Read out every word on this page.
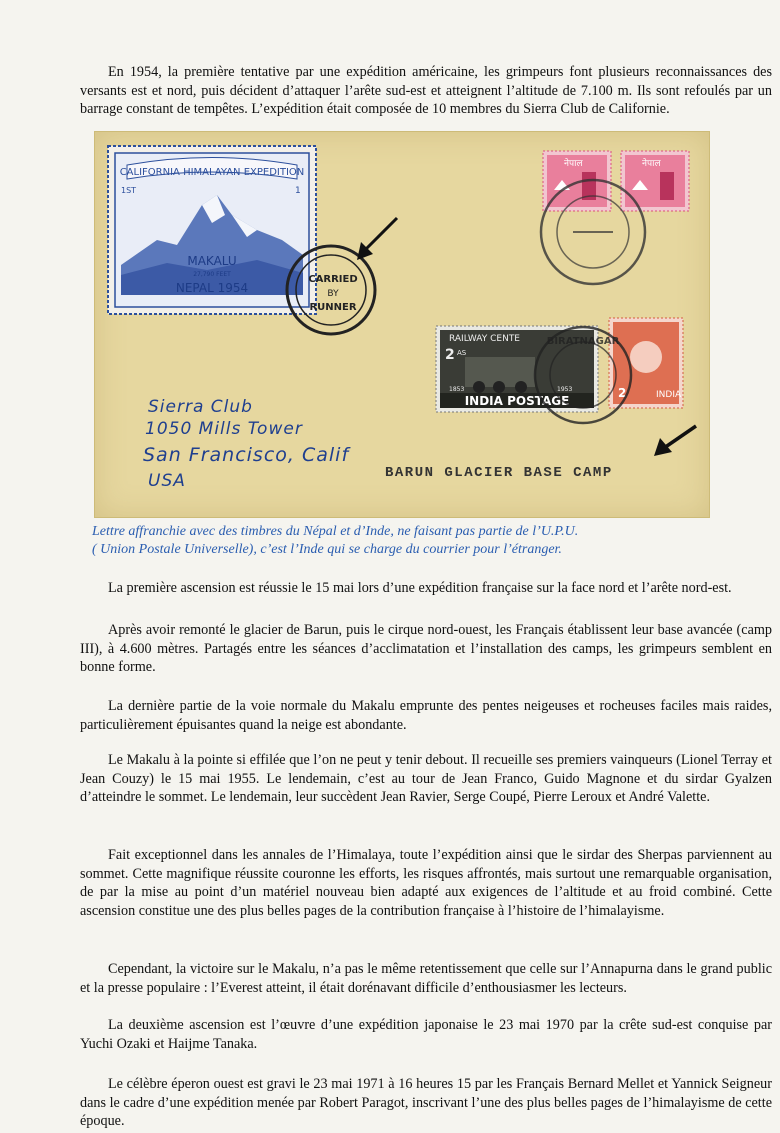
En 1954, la première tentative par une expédition américaine, les grimpeurs font plusieurs reconnaissances des versants est et nord, puis décident d’attaquer l’arête sud-est et atteignent l’altitude de 7.100 m. Ils sont refoulés par un barrage constant de tempêtes. L’expédition était composée de 10 membres du Sierra Club de Californie.

CALIFORNIA HIMALAYAN EXPEDITION
1ST	1
MAKALU
27,790 FEET
NEPAL 1954
CARRIED
BY
RUNNER
नेपाल	नेपाल
RAILWAY CENTE
2 AS
1853	1953
INDIA POSTAGE
2	INDIA
BIRATNAGAR
Sierra Club
1050 Mills Tower
San Francisco, Calif
USA	BARUN GLACIER BASE CAMP
Lettre affranchie avec des timbres du Népal et d’Inde, ne faisant pas partie de l’U.P.U.
( Union Postale Universelle), c’est l’Inde qui se charge du courrier pour l’étranger.

La première ascension est réussie le 15 mai lors d’une expédition française sur la face nord et l’arête nord-est.

Après avoir remonté le glacier de Barun, puis le cirque nord-ouest, les Français établissent leur base avancée (camp III), à 4.600 mètres. Partagés entre les séances d’acclimatation et l’installation des camps, les grimpeurs semblent en bonne forme.

La dernière partie de la voie normale du Makalu emprunte des pentes neigeuses et rocheuses faciles mais raides, particulièrement épuisantes quand la neige est abondante.

Le Makalu à la pointe si effilée que l’on ne peut y tenir debout. Il recueille ses premiers vainqueurs (Lionel Terray et Jean Couzy) le 15 mai 1955. Le lendemain, c’est au tour de Jean Franco, Guido Magnone et du sirdar Gyalzen d’atteindre le sommet. Le lendemain, leur succèdent Jean Ravier, Serge Coupé, Pierre Leroux et André Valette.

Fait exceptionnel dans les annales de l’Himalaya, toute l’expédition ainsi que le sirdar des Sherpas parviennent au sommet. Cette magnifique réussite couronne les efforts, les risques affrontés, mais surtout une remarquable organisation, de par la mise au point d’un matériel nouveau bien adapté aux exigences de l’altitude et au froid combiné. Cette ascension constitue une des plus belles pages de la contribution française à l’histoire de l’himalayisme.

Cependant, la victoire sur le Makalu, n’a pas le même retentissement que celle sur l’Annapurna dans le grand public et la presse populaire : l’Everest atteint, il était dorénavant difficile d’enthousiasmer les lecteurs.

La deuxième ascension est l’œuvre d’une expédition japonaise le 23 mai 1970 par la crête sud-est conquise par Yuchi Ozaki et Haijme Tanaka.

Le célèbre éperon ouest est gravi le 23 mai 1971 à 16 heures 15 par les Français Bernard Mellet et Yannick Seigneur dans le cadre d’une expédition menée par Robert Paragot, inscrivant l’une des plus belles pages de l’himalayisme de cette époque.
